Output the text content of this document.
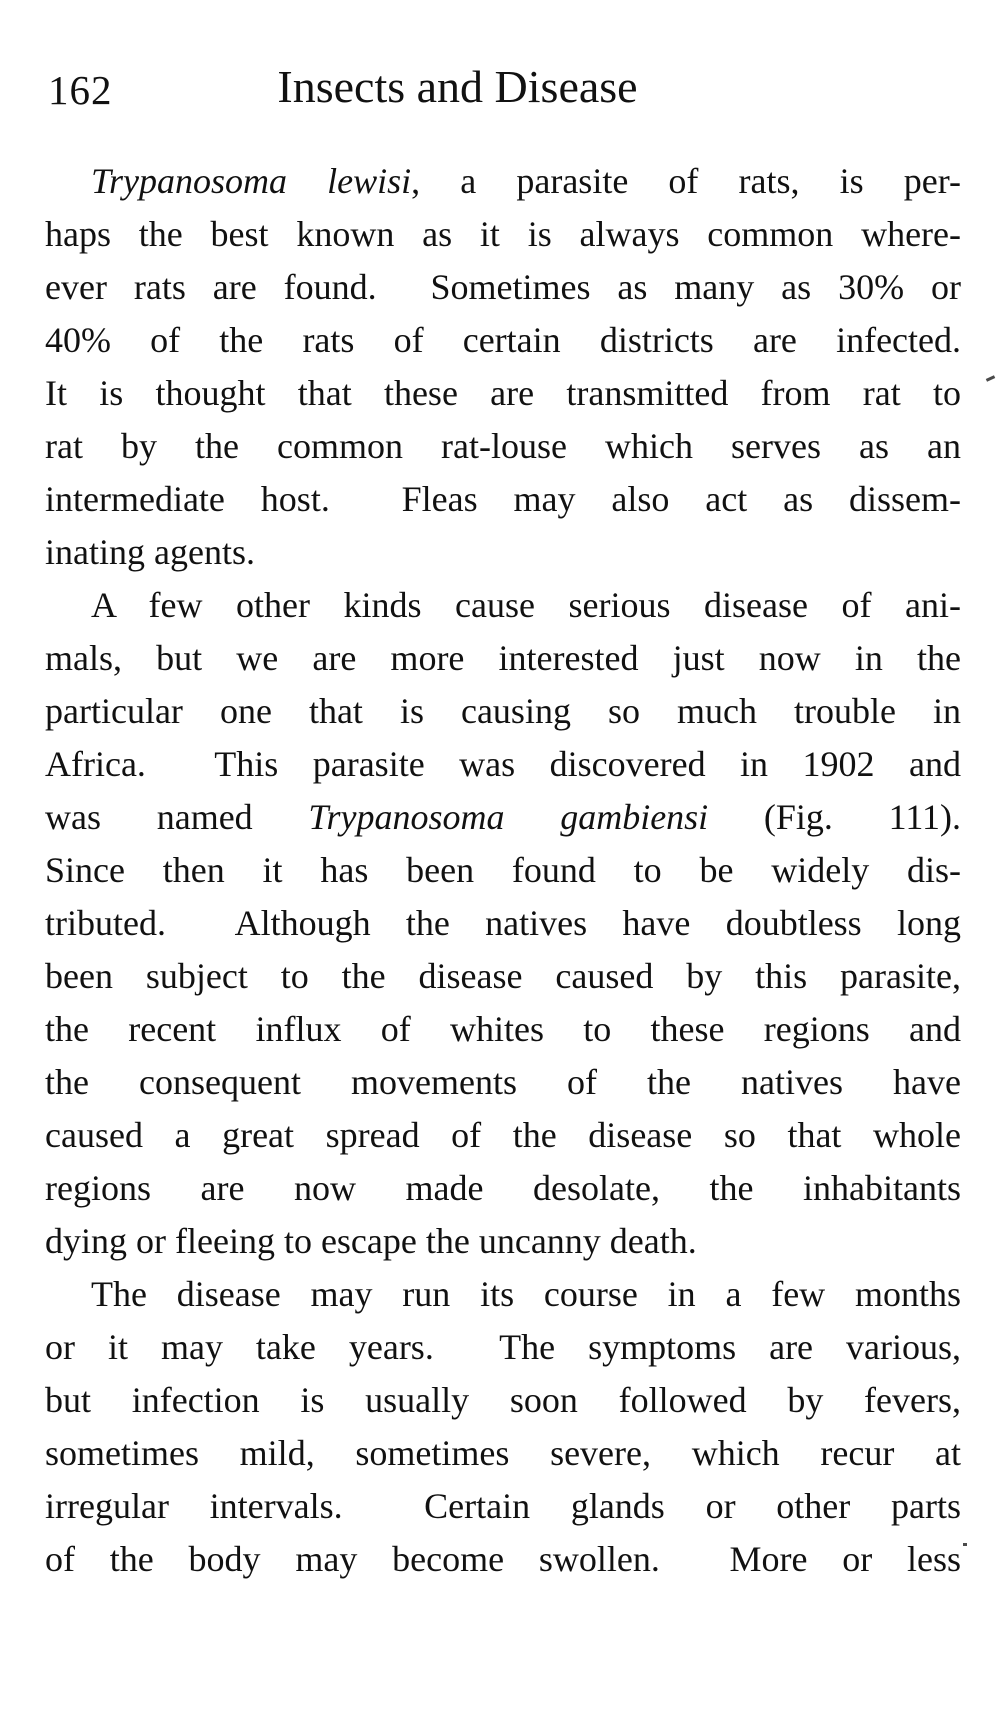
162	Insects and Disease
Trypanosoma lewisi, a parasite of rats, is per-
haps the best known as it is always common where-
ever rats are found.  Sometimes as many as 30% or
40% of the rats of certain districts are infected.
It is thought that these are transmitted from rat to
rat by the common rat-louse which serves as an
intermediate host.  Fleas may also act as dissem-
inating agents.
A few other kinds cause serious disease of ani-
mals, but we are more interested just now in the
particular one that is causing so much trouble in
Africa.  This parasite was discovered in 1902 and
was named Trypanosoma gambiensi (Fig. 111).
Since then it has been found to be widely dis-
tributed.  Although the natives have doubtless long
been subject to the disease caused by this parasite,
the recent influx of whites to these regions and
the consequent movements of the natives have
caused a great spread of the disease so that whole
regions are now made desolate, the inhabitants
dying or fleeing to escape the uncanny death.
The disease may run its course in a few months
or it may take years.  The symptoms are various,
but infection is usually soon followed by fevers,
sometimes mild, sometimes severe, which recur at
irregular intervals.  Certain glands or other parts
of the body may become swollen.  More or less
